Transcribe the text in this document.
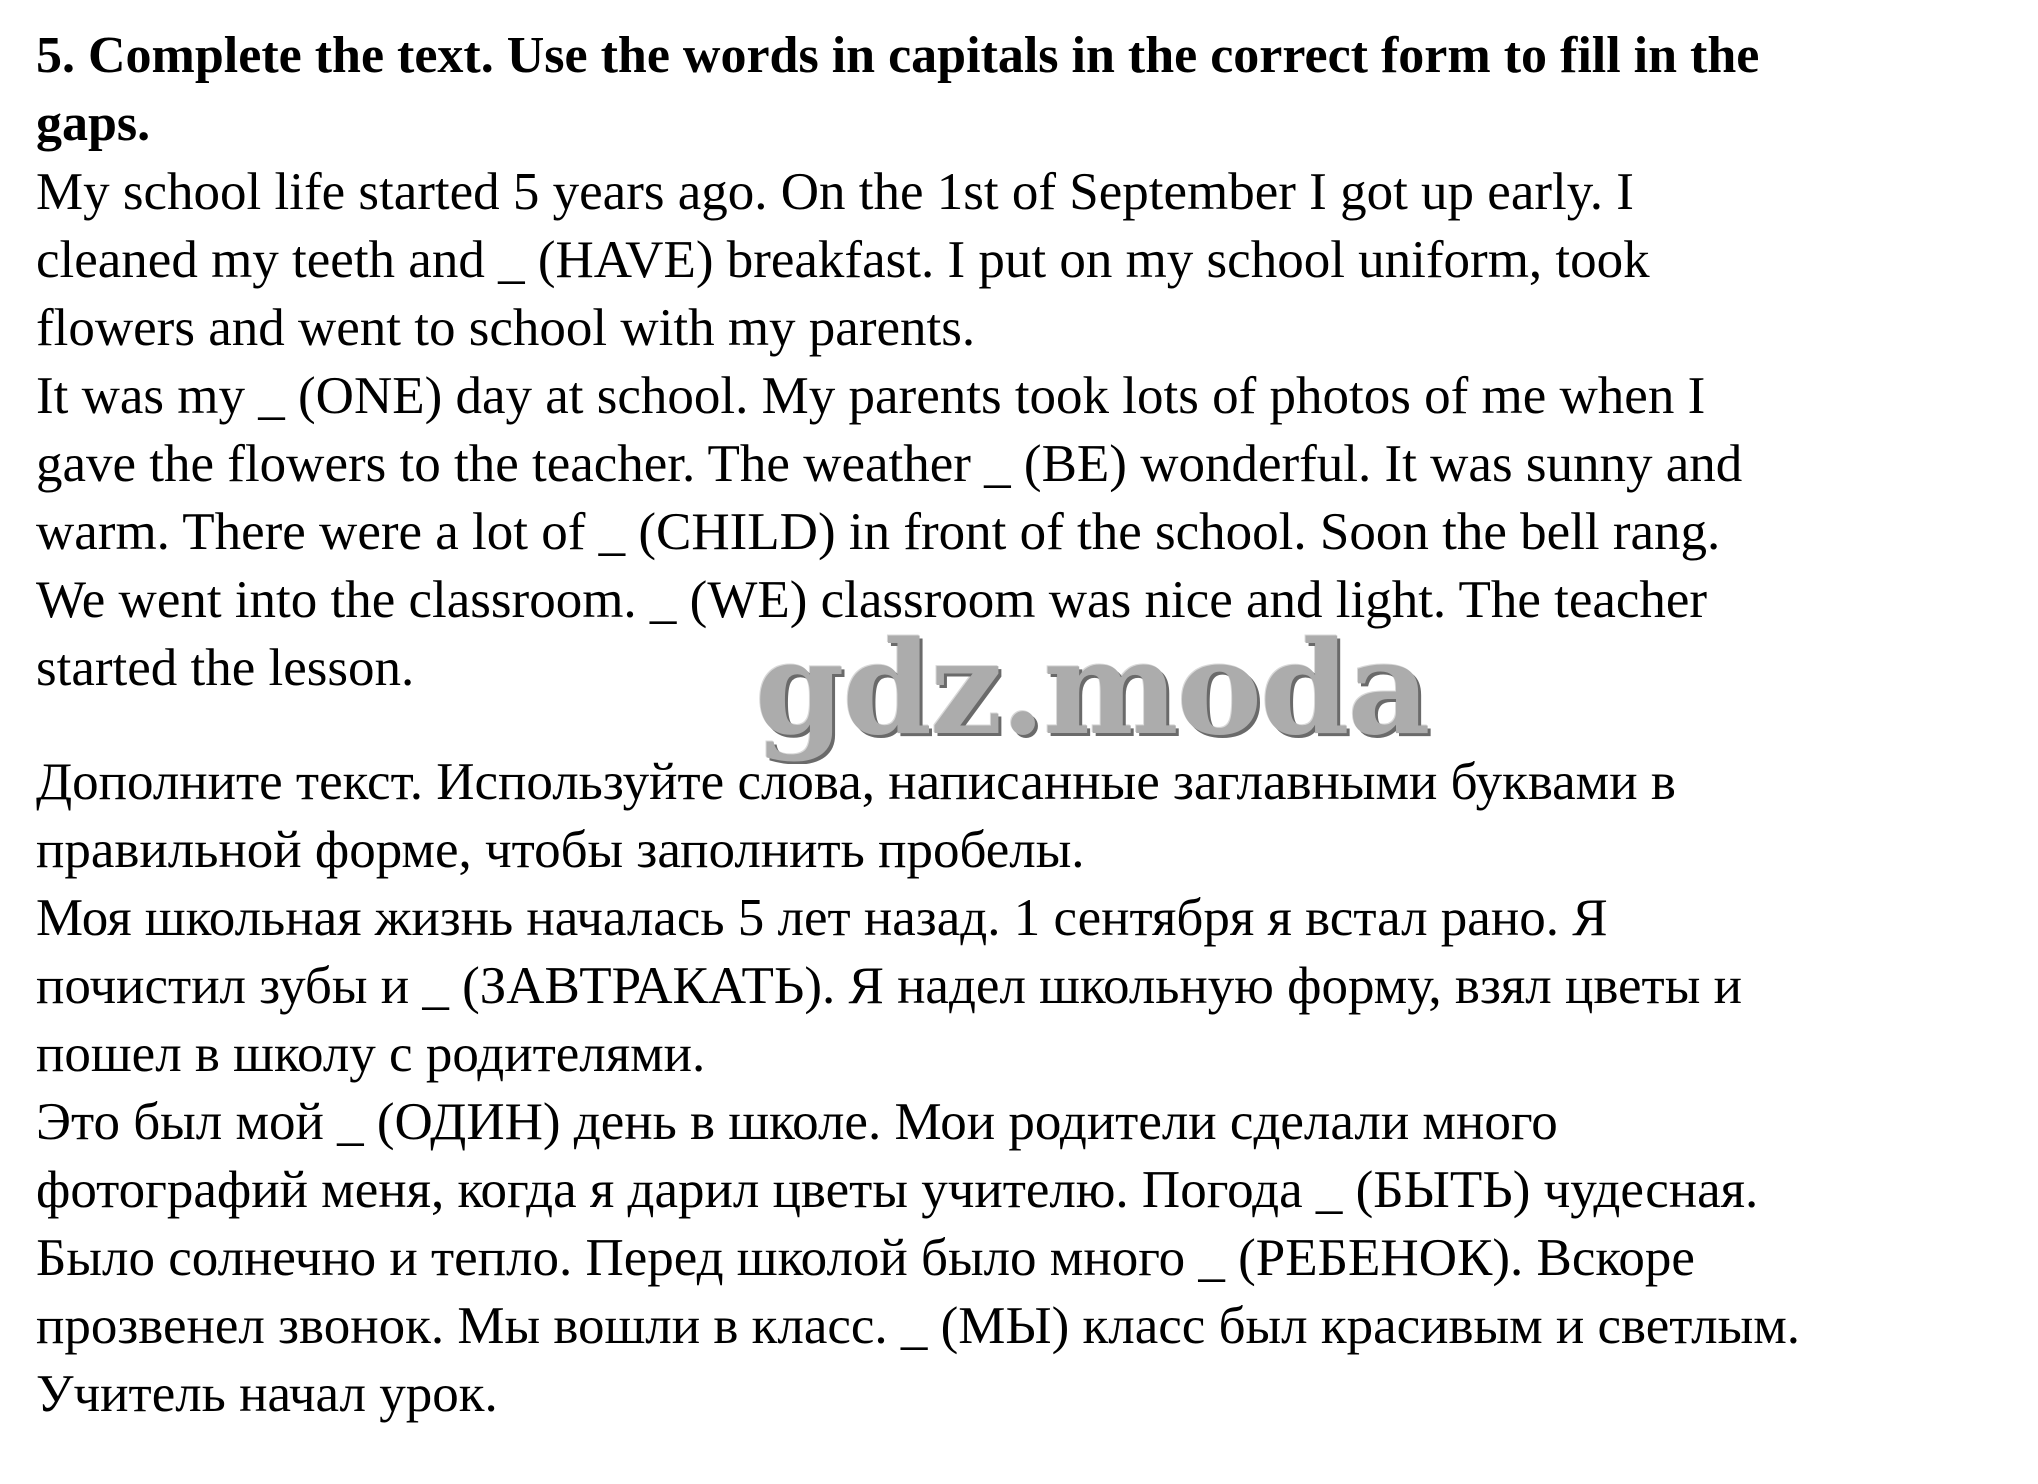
5. Complete the text. Use the words in capitals in the correct form to fill in the

gaps.

My school life started 5 years ago. On the 1st of September I got up early. I

cleaned my teeth and _ (HAVE) breakfast. I put on my school uniform, took

flowers and went to school with my parents.

It was my _ (ONE) day at school. My parents took lots of photos of me when I

gave the flowers to the teacher. The weather _ (BE) wonderful. It was sunny and

warm. There were a lot of _ (CHILD) in front of the school. Soon the bell rang.

We went into the classroom. _ (WE) classroom was nice and light. The teacher

started the lesson.

Дополните текст. Используйте слова, написанные заглавными буквами в

правильной форме, чтобы заполнить пробелы.

Моя школьная жизнь началась 5 лет назад. 1 сентября я встал рано. Я

почистил зубы и _ (ЗАВТРАКАТЬ). Я надел школьную форму, взял цветы и

пошел в школу с родителями.

Это был мой _ (ОДИН) день в школе. Мои родители сделали много

фотографий меня, когда я дарил цветы учителю. Погода _ (БЫТЬ) чудесная.

Было солнечно и тепло. Перед школой было много _ (РЕБЕНОК). Вскоре

прозвенел звонок. Мы вошли в класс. _ (МЫ) класс был красивым и светлым.

Учитель начал урок.

gdz.moda
